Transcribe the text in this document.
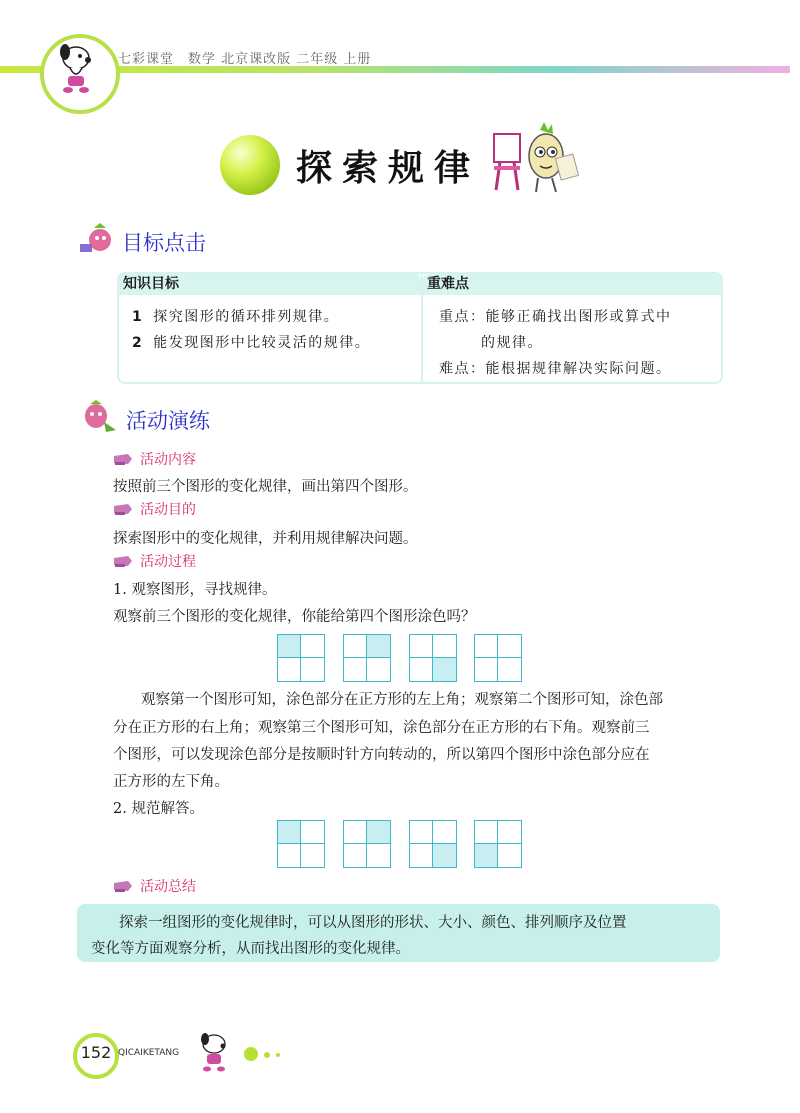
七彩课堂　数学 北京课改版 二年级 上册
探索规律
目标点击
知识目标	重难点
1 探究图形的循环排列规律。
2 能发现图形中比较灵活的规律。
重点：能够正确找出图形或算式中
的规律。
难点：能根据规律解决实际问题。
活动演练
活动内容
按照前三个图形的变化规律，画出第四个图形。
活动目的
探索图形中的变化规律，并利用规律解决问题。
活动过程
1. 观察图形，寻找规律。
观察前三个图形的变化规律，你能给第四个图形涂色吗？
观察第一个图形可知，涂色部分在正方形的左上角；观察第二个图形可知，涂色部
分在正方形的右上角；观察第三个图形可知，涂色部分在正方形的右下角。观察前三
个图形，可以发现涂色部分是按顺时针方向转动的，所以第四个图形中涂色部分应在
正方形的左下角。
2. 规范解答。
活动总结
探索一组图形的变化规律时，可以从图形的形状、大小、颜色、排列顺序及位置
变化等方面观察分析，从而找出图形的变化规律。
152 QICAIKETANG
